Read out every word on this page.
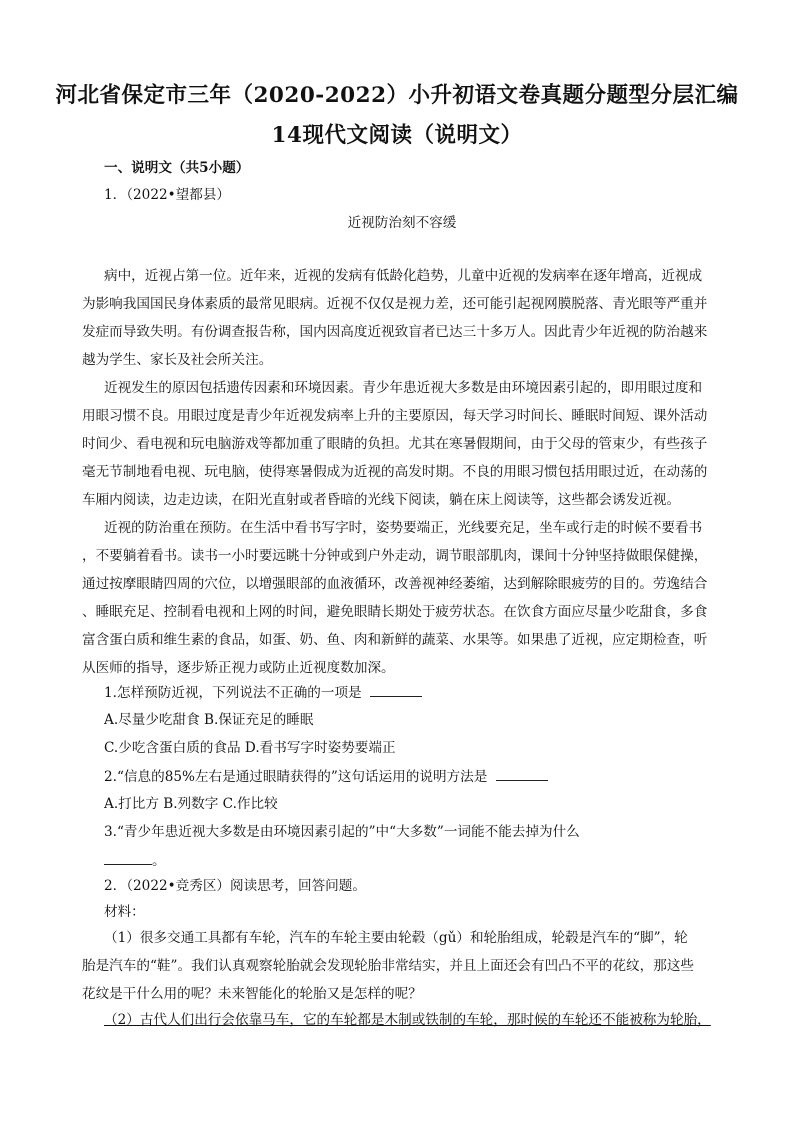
河北省保定市三年（2020-2022）小升初语文卷真题分题型分层汇编
14现代文阅读（说明文）
一、说明文（共5小题）
1．（2022•望都县）
近视防治刻不容缓
病中，近视占第一位。近年来，近视的发病有低龄化趋势，儿童中近视的发病率在逐年增高，近视成
为影响我国国民身体素质的最常见眼病。近视不仅仅是视力差，还可能引起视网膜脱落、青光眼等严重并
发症而导致失明。有份调查报告称，国内因高度近视致盲者已达三十多万人。因此青少年近视的防治越来
越为学生、家长及社会所关注。
近视发生的原因包括遗传因素和环境因素。青少年患近视大多数是由环境因素引起的，即用眼过度和
用眼习惯不良。用眼过度是青少年近视发病率上升的主要原因，每天学习时间长、睡眠时间短、课外活动
时间少、看电视和玩电脑游戏等都加重了眼睛的负担。尤其在寒暑假期间，由于父母的管束少，有些孩子
毫无节制地看电视、玩电脑，使得寒暑假成为近视的高发时期。不良的用眼习惯包括用眼过近，在动荡的
车厢内阅读，边走边读，在阳光直射或者昏暗的光线下阅读，躺在床上阅读等，这些都会诱发近视。
近视的防治重在预防。在生活中看书写字时，姿势要端正，光线要充足，坐车或行走的时候不要看书
，不要躺着看书。读书一小时要远眺十分钟或到户外走动，调节眼部肌肉，课间十分钟坚持做眼保健操，
通过按摩眼睛四周的穴位，以增强眼部的血液循环，改善视神经萎缩，达到解除眼疲劳的目的。劳逸结合
、睡眠充足、控制看电视和上网的时间，避免眼睛长期处于疲劳状态。在饮食方面应尽量少吃甜食，多食
富含蛋白质和维生素的食品，如蛋、奶、鱼、肉和新鲜的蔬菜、水果等。如果患了近视，应定期检查，听
从医师的指导，逐步矫正视力或防止近视度数加深。
1.怎样预防近视，下列说法不正确的一项是
A.尽量少吃甜食 B.保证充足的睡眠
C.少吃含蛋白质的食品 D.看书写字时姿势要端正
2.“信息的85%左右是通过眼睛获得的”这句话运用的说明方法是
A.打比方 B.列数字 C.作比较
3.“青少年患近视大多数是由环境因素引起的”中“大多数”一词能不能去掉为什么
。
2．（2022•竞秀区）阅读思考，回答问题。
材料：
（1）很多交通工具都有车轮，汽车的车轮主要由轮毂（gǔ）和轮胎组成，轮毂是汽车的“脚”，轮
胎是汽车的“鞋”。我们认真观察轮胎就会发现轮胎非常结实，并且上面还会有凹凸不平的花纹，那这些
花纹是干什么用的呢？未来智能化的轮胎又是怎样的呢？
（2）古代人们出行会依靠马车，它的车轮都是木制或铁制的车轮，那时候的车轮还不能被称为轮胎，
